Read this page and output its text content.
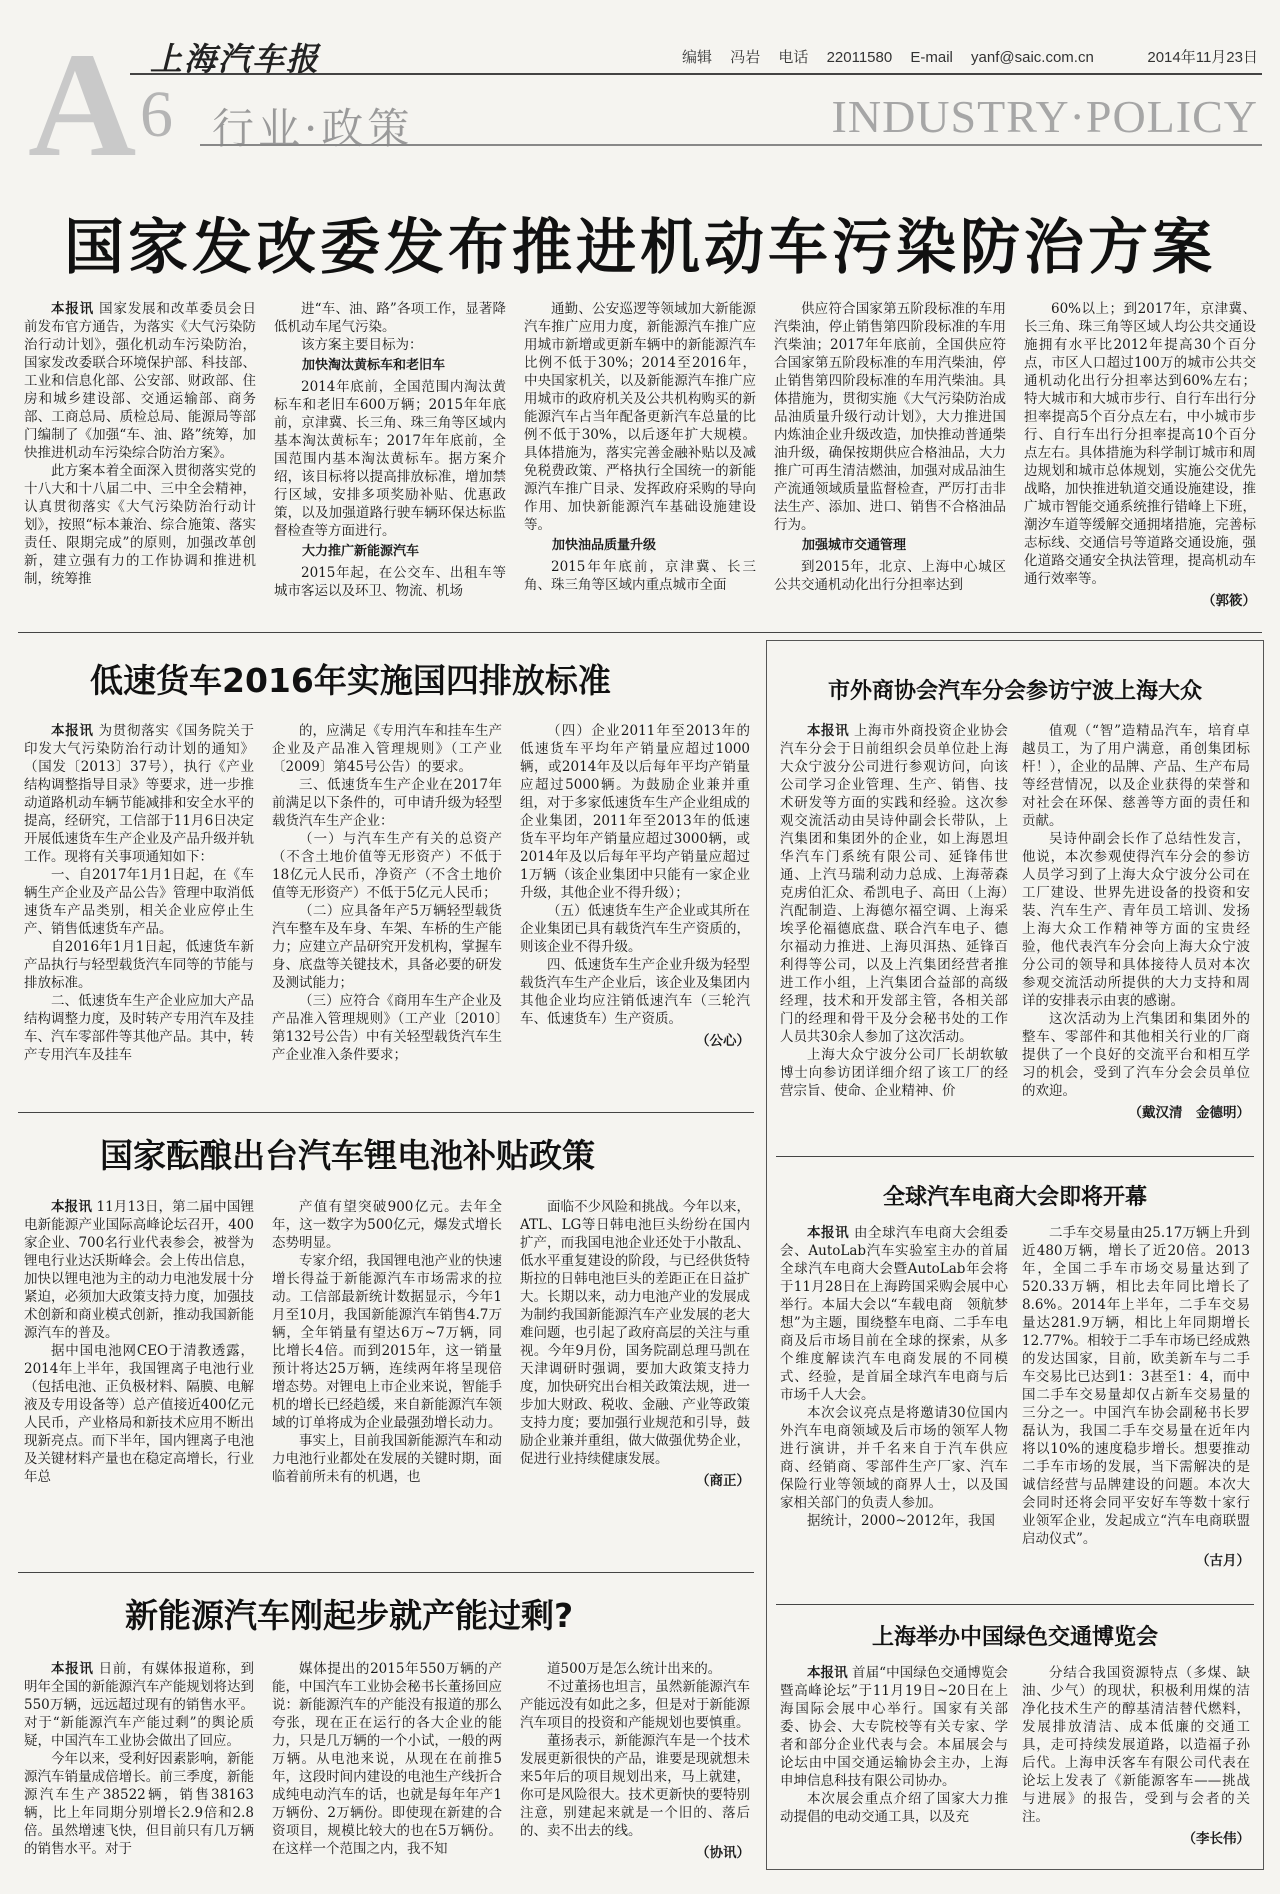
A 6
上海汽车报
行业·政策
编辑 冯岩 电话 22011580 E-mail yanf@saic.com.cn	2014年11月23日
INDUSTRY·POLICY
国家发改委发布推进机动车污染防治方案

本报讯 国家发展和改革委员会日前发布官方通告，为落实《大气污染防治行动计划》，强化机动车污染防治，国家发改委联合环境保护部、科技部、工业和信息化部、公安部、财政部、住房和城乡建设部、交通运输部、商务部、工商总局、质检总局、能源局等部门编制了《加强“车、油、路”统筹，加快推进机动车污染综合防治方案》。

此方案本着全面深入贯彻落实党的十八大和十八届二中、三中全会精神，认真贯彻落实《大气污染防治行动计划》，按照“标本兼治、综合施策、落实责任、限期完成”的原则，加强改革创新，建立强有力的工作协调和推进机制，统筹推

进“车、油、路”各项工作，显著降低机动车尾气污染。

该方案主要目标为：

加快淘汰黄标车和老旧车

2014年底前，全国范围内淘汰黄标车和老旧车600万辆；2015年年底前，京津冀、长三角、珠三角等区域内基本淘汰黄标车；2017年年底前，全国范围内基本淘汰黄标车。据方案介绍，该目标将以提高排放标准，增加禁行区域，安排多项奖励补贴、优惠政策，以及加强道路行驶车辆环保达标监督检查等方面进行。

大力推广新能源汽车

2015年起，在公交车、出租车等城市客运以及环卫、物流、机场

通勤、公安巡逻等领域加大新能源汽车推广应用力度，新能源汽车推广应用城市新增或更新车辆中的新能源汽车比例不低于30%；2014至2016年，中央国家机关，以及新能源汽车推广应用城市的政府机关及公共机构购买的新能源汽车占当年配备更新汽车总量的比例不低于30%，以后逐年扩大规模。具体措施为，落实完善金融补贴以及减免税费政策、严格执行全国统一的新能源汽车推广目录、发挥政府采购的导向作用、加快新能源汽车基础设施建设等。

加快油品质量升级

2015年年底前，京津冀、长三角、珠三角等区域内重点城市全面

供应符合国家第五阶段标准的车用汽柴油，停止销售第四阶段标准的车用汽柴油；2017年年底前，全国供应符合国家第五阶段标准的车用汽柴油，停止销售第四阶段标准的车用汽柴油。具体措施为，贯彻实施《大气污染防治成品油质量升级行动计划》，大力推进国内炼油企业升级改造，加快推动普通柴油升级，确保按期供应合格油品，大力推广可再生清洁燃油，加强对成品油生产流通领域质量监督检查，严厉打击非法生产、添加、进口、销售不合格油品行为。

加强城市交通管理

到2015年，北京、上海中心城区公共交通机动化出行分担率达到

60%以上；到2017年，京津冀、长三角、珠三角等区域人均公共交通设施拥有水平比2012年提高30个百分点，市区人口超过100万的城市公共交通机动化出行分担率达到60%左右；特大城市和大城市步行、自行车出行分担率提高5个百分点左右，中小城市步行、自行车出行分担率提高10个百分点左右。具体措施为科学制订城市和周边规划和城市总体规划，实施公交优先战略，加快推进轨道交通设施建设，推广城市智能交通系统推行错峰上下班，潮汐车道等缓解交通拥堵措施，完善标志标线、交通信号等道路交通设施，强化道路交通安全执法管理，提高机动车通行效率等。

（郭筱）
低速货车2016年实施国四排放标准

本报讯 为贯彻落实《国务院关于印发大气污染防治行动计划的通知》（国发〔2013〕37号），执行《产业结构调整指导目录》等要求，进一步推动道路机动车辆节能减排和安全水平的提高，经研究，工信部于11月6日决定开展低速货车生产企业及产品升级并轨工作。现将有关事项通知如下：

一、自2017年1月1日起，在《车辆生产企业及产品公告》管理中取消低速货车产品类别，相关企业应停止生产、销售低速货车产品。

自2016年1月1日起，低速货车新产品执行与轻型载货汽车同等的节能与排放标准。

二、低速货车生产企业应加大产品结构调整力度，及时转产专用汽车及挂车、汽车零部件等其他产品。其中，转产专用汽车及挂车

的，应满足《专用汽车和挂车生产企业及产品准入管理规则》（工产业〔2009〕第45号公告）的要求。

三、低速货车生产企业在2017年前满足以下条件的，可申请升级为轻型载货汽车生产企业：

（一）与汽车生产有关的总资产（不含土地价值等无形资产）不低于18亿元人民币，净资产（不含土地价值等无形资产）不低于5亿元人民币；

（二）应具备年产5万辆轻型载货汽车整车及车身、车架、车桥的生产能力；应建立产品研究开发机构，掌握车身、底盘等关键技术，具备必要的研发及测试能力；

（三）应符合《商用车生产企业及产品准入管理规则》（工产业〔2010〕第132号公告）中有关轻型载货汽车生产企业准入条件要求；

（四）企业2011年至2013年的低速货车平均年产销量应超过1000辆，或2014年及以后每年平均产销量应超过5000辆。为鼓励企业兼并重组，对于多家低速货车生产企业组成的企业集团，2011年至2013年的低速货车平均年产销量应超过3000辆，或2014年及以后每年平均产销量应超过1万辆（该企业集团中只能有一家企业升级，其他企业不得升级）；

（五）低速货车生产企业或其所在企业集团已具有载货汽车生产资质的，则该企业不得升级。

四、低速货车生产企业升级为轻型载货汽车生产企业后，该企业及集团内其他企业均应注销低速汽车（三轮汽车、低速货车）生产资质。

（公心）
国家酝酿出台汽车锂电池补贴政策

本报讯 11月13日，第二届中国锂电新能源产业国际高峰论坛召开，400家企业、700名行业代表参会，被誉为锂电行业达沃斯峰会。会上传出信息，加快以锂电池为主的动力电池发展十分紧迫，必须加大政策支持力度，加强技术创新和商业模式创新，推动我国新能源汽车的普及。

据中国电池网CEO于清教透露，2014年上半年，我国锂离子电池行业（包括电池、正负极材料、隔膜、电解液及专用设备等）总产值接近400亿元人民币，产业格局和新技术应用不断出现新亮点。而下半年，国内锂离子电池及关键材料产量也在稳定高增长，行业年总

产值有望突破900亿元。去年全年，这一数字为500亿元，爆发式增长态势明显。

专家介绍，我国锂电池产业的快速增长得益于新能源汽车市场需求的拉动。工信部最新统计数据显示，今年1月至10月，我国新能源汽车销售4.7万辆，全年销量有望达6万~7万辆，同比增长4倍。而到2015年，这一销量预计将达25万辆，连续两年将呈现倍增态势。对锂电上市企业来说，智能手机的增长已经趋缓，来自新能源汽车领域的订单将成为企业最强劲增长动力。

事实上，目前我国新能源汽车和动力电池行业都处在发展的关键时期，面临着前所未有的机遇，也

面临不少风险和挑战。今年以来，ATL、LG等日韩电池巨头纷纷在国内扩产，而我国电池企业还处于小散乱、低水平重复建设的阶段，与已经供货特斯拉的日韩电池巨头的差距正在日益扩大。长期以来，动力电池产业的发展成为制约我国新能源汽车产业发展的老大难问题，也引起了政府高层的关注与重视。今年9月份，国务院副总理马凯在天津调研时强调，要加大政策支持力度，加快研究出台相关政策法规，进一步加大财政、税收、金融、产业等政策支持力度；要加强行业规范和引导，鼓励企业兼并重组，做大做强优势企业，促进行业持续健康发展。

（商正）
新能源汽车刚起步就产能过剩?

本报讯 日前，有媒体报道称，到明年全国的新能源汽车产能规划将达到550万辆，远远超过现有的销售水平。对于“新能源汽车产能过剩”的舆论质疑，中国汽车工业协会做出了回应。

今年以来，受利好因素影响，新能源汽车销量成倍增长。前三季度，新能源汽车生产38522辆，销售38163辆，比上年同期分别增长2.9倍和2.8倍。虽然增速飞快，但目前只有几万辆的销售水平。对于

媒体提出的2015年550万辆的产能，中国汽车工业协会秘书长董扬回应说：新能源汽车的产能没有报道的那么夸张，现在正在运行的各大企业的能力，只是几万辆的一个小试，一般的两万辆。从电池来说，从现在在前推5年，这段时间内建设的电池生产线折合成纯电动汽车的话，也就是每年年产1万辆份、2万辆份。即使现在新建的合资项目，规模比较大的也在5万辆份。在这样一个范围之内，我不知

道500万是怎么统计出来的。

不过董扬也坦言，虽然新能源汽车产能远没有如此之多，但是对于新能源汽车项目的投资和产能规划也要慎重。

董扬表示，新能源汽车是一个技术发展更新很快的产品，谁要是现就想未来5年后的项目规划出来，马上就建，你可是风险很大。技术更新快的要特别注意，别建起来就是一个旧的、落后的、卖不出去的线。

（协讯）
市外商协会汽车分会参访宁波上海大众

本报讯 上海市外商投资企业协会汽车分会于日前组织会员单位赴上海大众宁波分公司进行参观访问，向该公司学习企业管理、生产、销售、技术研发等方面的实践和经验。这次参观交流活动由吴诗仲副会长带队，上汽集团和集团外的企业，如上海恩坦华汽车门系统有限公司、延锋伟世通、上汽马瑞利动力总成、上海蒂森克虏伯汇众、希凯电子、高田（上海）汽配制造、上海德尔福空调、上海采埃孚伦福德底盘、联合汽车电子、德尔福动力推进、上海贝洱热、延锋百利得等公司，以及上汽集团经营者推进工作小组，上汽集团合益部的高级经理，技术和开发部主管，各相关部门的经理和骨干及分会秘书处的工作人员共30余人参加了这次活动。

上海大众宁波分公司厂长胡软敏博士向参访团详细介绍了该工厂的经营宗旨、使命、企业精神、价

值观（“智”造精品汽车，培育卓越员工，为了用户满意，甬创集团标杆！），企业的品牌、产品、生产布局等经营情况，以及企业获得的荣誉和对社会在环保、慈善等方面的责任和贡献。

吴诗仲副会长作了总结性发言，他说，本次参观使得汽车分会的参访人员学习到了上海大众宁波分公司在工厂建设、世界先进设备的投资和安装、汽车生产、青年员工培训、发扬上海大众工作精神等方面的宝贵经验，他代表汽车分会向上海大众宁波分公司的领导和具体接待人员对本次参观交流活动所提供的大力支持和周详的安排表示由衷的感谢。

这次活动为上汽集团和集团外的整车、零部件和其他相关行业的厂商提供了一个良好的交流平台和相互学习的机会，受到了汽车分会会员单位的欢迎。

（戴汉清　金德明）
全球汽车电商大会即将开幕

本报讯 由全球汽车电商大会组委会、AutoLab汽车实验室主办的首届全球汽车电商大会暨AutoLab年会将于11月28日在上海跨国采购会展中心举行。本届大会以“车载电商　领航梦想”为主题，围绕整车电商、二手车电商及后市场目前在全球的探索，从多个维度解读汽车电商发展的不同模式、经验，是首届全球汽车电商与后市场千人大会。

本次会议亮点是将邀请30位国内外汽车电商领域及后市场的领军人物进行演讲，并千名来自于汽车供应商、经销商、零部件生产厂家、汽车保险行业等领域的商界人士，以及国家相关部门的负责人参加。

据统计，2000~2012年，我国

二手车交易量由25.17万辆上升到近480万辆，增长了近20倍。2013年，全国二手车市场交易量达到了520.33万辆，相比去年同比增长了8.6%。2014年上半年，二手车交易量达281.9万辆，相比上年同期增长12.77%。相较于二手车市场已经成熟的发达国家，目前，欧美新车与二手车交易比已达到1：3甚至1：4，而中国二手车交易量却仅占新车交易量的三分之一。中国汽车协会副秘书长罗磊认为，我国二手车交易量在近年内将以10%的速度稳步增长。想要推动二手车市场的发展，当下需解决的是诚信经营与品牌建设的问题。本次大会同时还将会同平安好车等数十家行业领军企业，发起成立“汽车电商联盟启动仪式”。

（古月）
上海举办中国绿色交通博览会

本报讯 首届“中国绿色交通博览会暨高峰论坛”于11月19日~20日在上海国际会展中心举行。国家有关部委、协会、大专院校等有关专家、学者和部分企业代表与会。本届展会与论坛由中国交通运输协会主办，上海申坤信息科技有限公司协办。

本次展会重点介绍了国家大力推动提倡的电动交通工具，以及充

分结合我国资源特点（多煤、缺油、少气）的现状，积极利用煤的洁净化技术生产的醇基清洁替代燃料，发展排放清洁、成本低廉的交通工具，走可持续发展道路，以造福子孙后代。上海申沃客车有限公司代表在论坛上发表了《新能源客车——挑战与进展》的报告，受到与会者的关注。

（李长伟）
